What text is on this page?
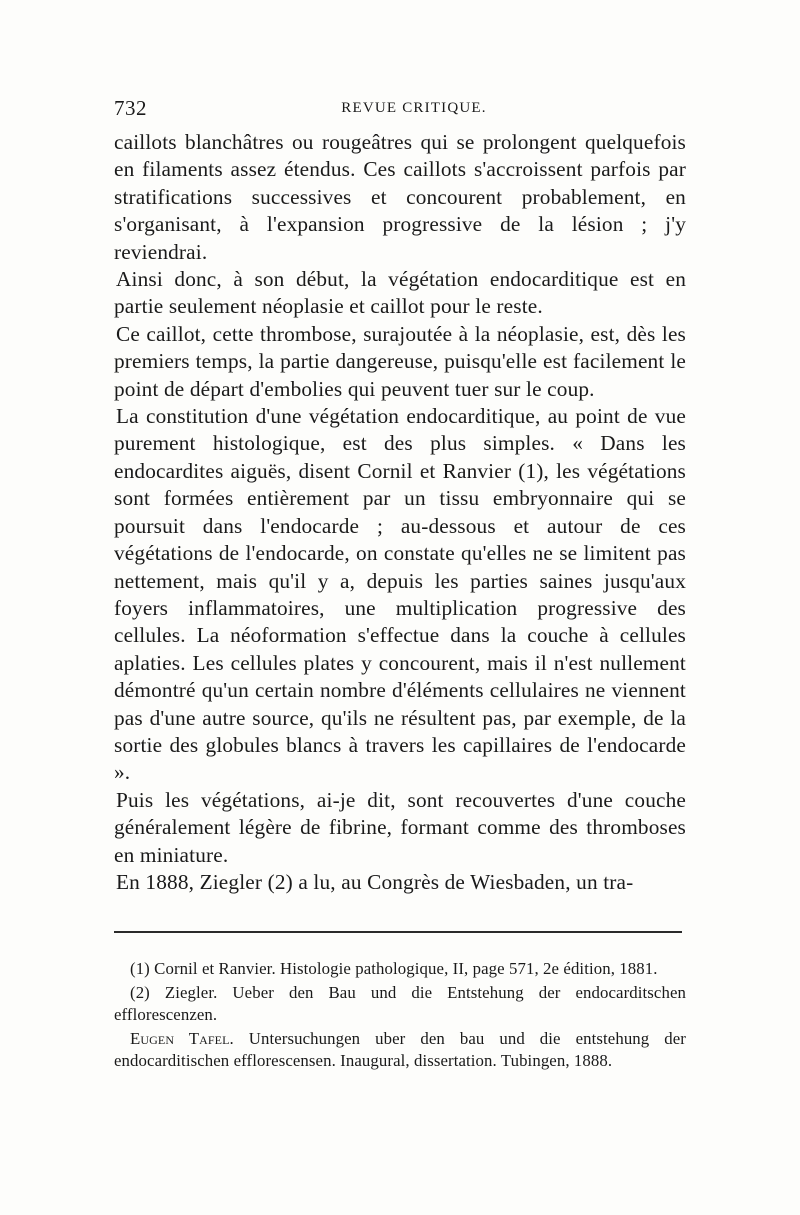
732	REVUE CRITIQUE.

caillots blanchâtres ou rougeâtres qui se prolongent quelquefois en filaments assez étendus. Ces caillots s'accroissent parfois par stratifications successives et concourent probablement, en s'organisant, à l'expansion progressive de la lésion ; j'y reviendrai.

Ainsi donc, à son début, la végétation endocarditique est en partie seulement néoplasie et caillot pour le reste.

Ce caillot, cette thrombose, surajoutée à la néoplasie, est, dès les premiers temps, la partie dangereuse, puisqu'elle est facilement le point de départ d'embolies qui peuvent tuer sur le coup.

La constitution d'une végétation endocarditique, au point de vue purement histologique, est des plus simples. « Dans les endocardites aiguës, disent Cornil et Ranvier (1), les végétations sont formées entièrement par un tissu embryonnaire qui se poursuit dans l'endocarde ; au-dessous et autour de ces végétations de l'endocarde, on constate qu'elles ne se limitent pas nettement, mais qu'il y a, depuis les parties saines jusqu'aux foyers inflammatoires, une multiplication progressive des cellules. La néoformation s'effectue dans la couche à cellules aplaties. Les cellules plates y concourent, mais il n'est nullement démontré qu'un certain nombre d'éléments cellulaires ne viennent pas d'une autre source, qu'ils ne résultent pas, par exemple, de la sortie des globules blancs à travers les capillaires de l'endocarde ».

Puis les végétations, ai-je dit, sont recouvertes d'une couche généralement légère de fibrine, formant comme des thromboses en miniature.

En 1888, Ziegler (2) a lu, au Congrès de Wiesbaden, un tra-

(1) Cornil et Ranvier. Histologie pathologique, II, page 571, 2e édition, 1881.

(2) Ziegler. Ueber den Bau und die Entstehung der endocarditschen efflorescenzen.

Eugen Tafel. Untersuchungen uber den bau und die entstehung der endocarditischen efflorescensen. Inaugural, dissertation. Tubingen, 1888.
